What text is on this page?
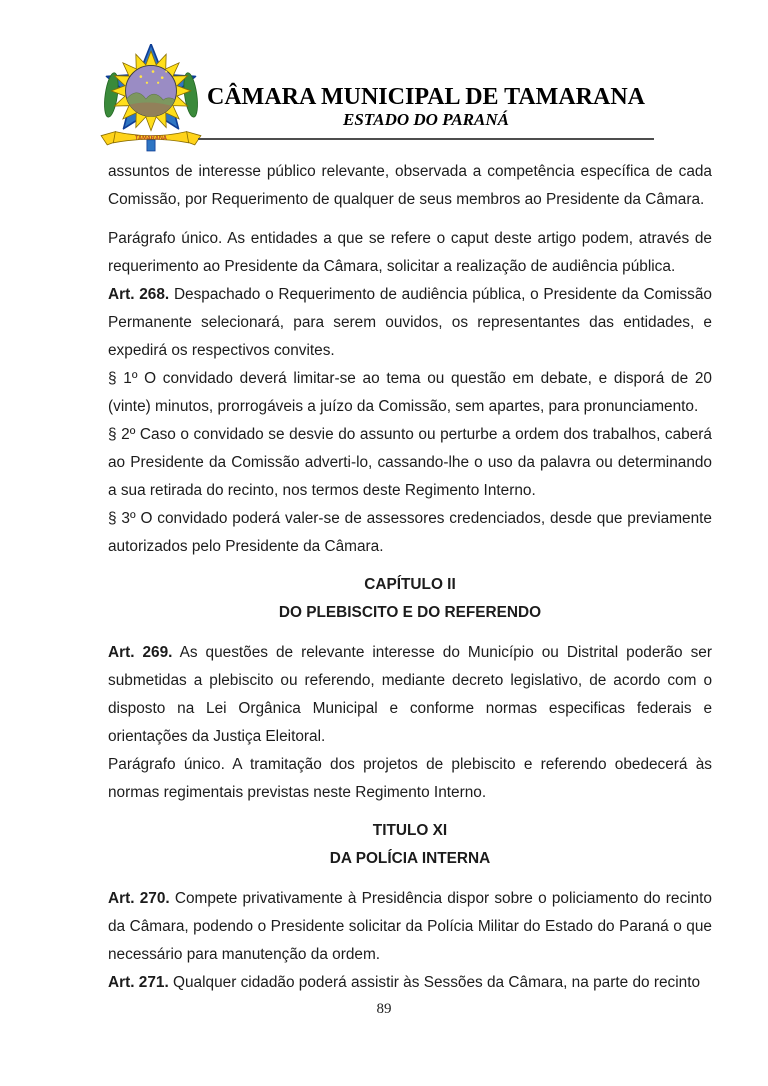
TAMARANA
CÂMARA MUNICIPAL DE TAMARANA
ESTADO DO PARANÁ

assuntos de interesse público relevante, observada a competência específica de cada Comissão, por Requerimento de qualquer de seus membros ao Presidente da Câmara.

Parágrafo único. As entidades a que se refere o caput deste artigo podem, através de requerimento ao Presidente da Câmara, solicitar a realização de audiência pública.

Art. 268. Despachado o Requerimento de audiência pública, o Presidente da Comissão Permanente selecionará, para serem ouvidos, os representantes das entidades, e expedirá os respectivos convites.

§ 1º O convidado deverá limitar-se ao tema ou questão em debate, e disporá de 20 (vinte) minutos, prorrogáveis a juízo da Comissão, sem apartes, para pronunciamento.

§ 2º Caso o convidado se desvie do assunto ou perturbe a ordem dos trabalhos, caberá ao Presidente da Comissão adverti-lo, cassando-lhe o uso da palavra ou determinando a sua retirada do recinto, nos termos deste Regimento Interno.

§ 3º O convidado poderá valer-se de assessores credenciados, desde que previamente autorizados pelo Presidente da Câmara.

CAPÍTULO II
DO PLEBISCITO E DO REFERENDO

Art. 269. As questões de relevante interesse do Município ou Distrital poderão ser submetidas a plebiscito ou referendo, mediante decreto legislativo, de acordo com o disposto na Lei Orgânica Municipal e conforme normas especificas federais e orientações da Justiça Eleitoral.

Parágrafo único. A tramitação dos projetos de plebiscito e referendo obedecerá às normas regimentais previstas neste Regimento Interno.

TITULO XI
DA POLÍCIA INTERNA

Art. 270. Compete privativamente à Presidência dispor sobre o policiamento do recinto da Câmara, podendo o Presidente solicitar da Polícia Militar do Estado do Paraná o que necessário para manutenção da ordem.

Art. 271. Qualquer cidadão poderá assistir às Sessões da Câmara, na parte do recinto

89
